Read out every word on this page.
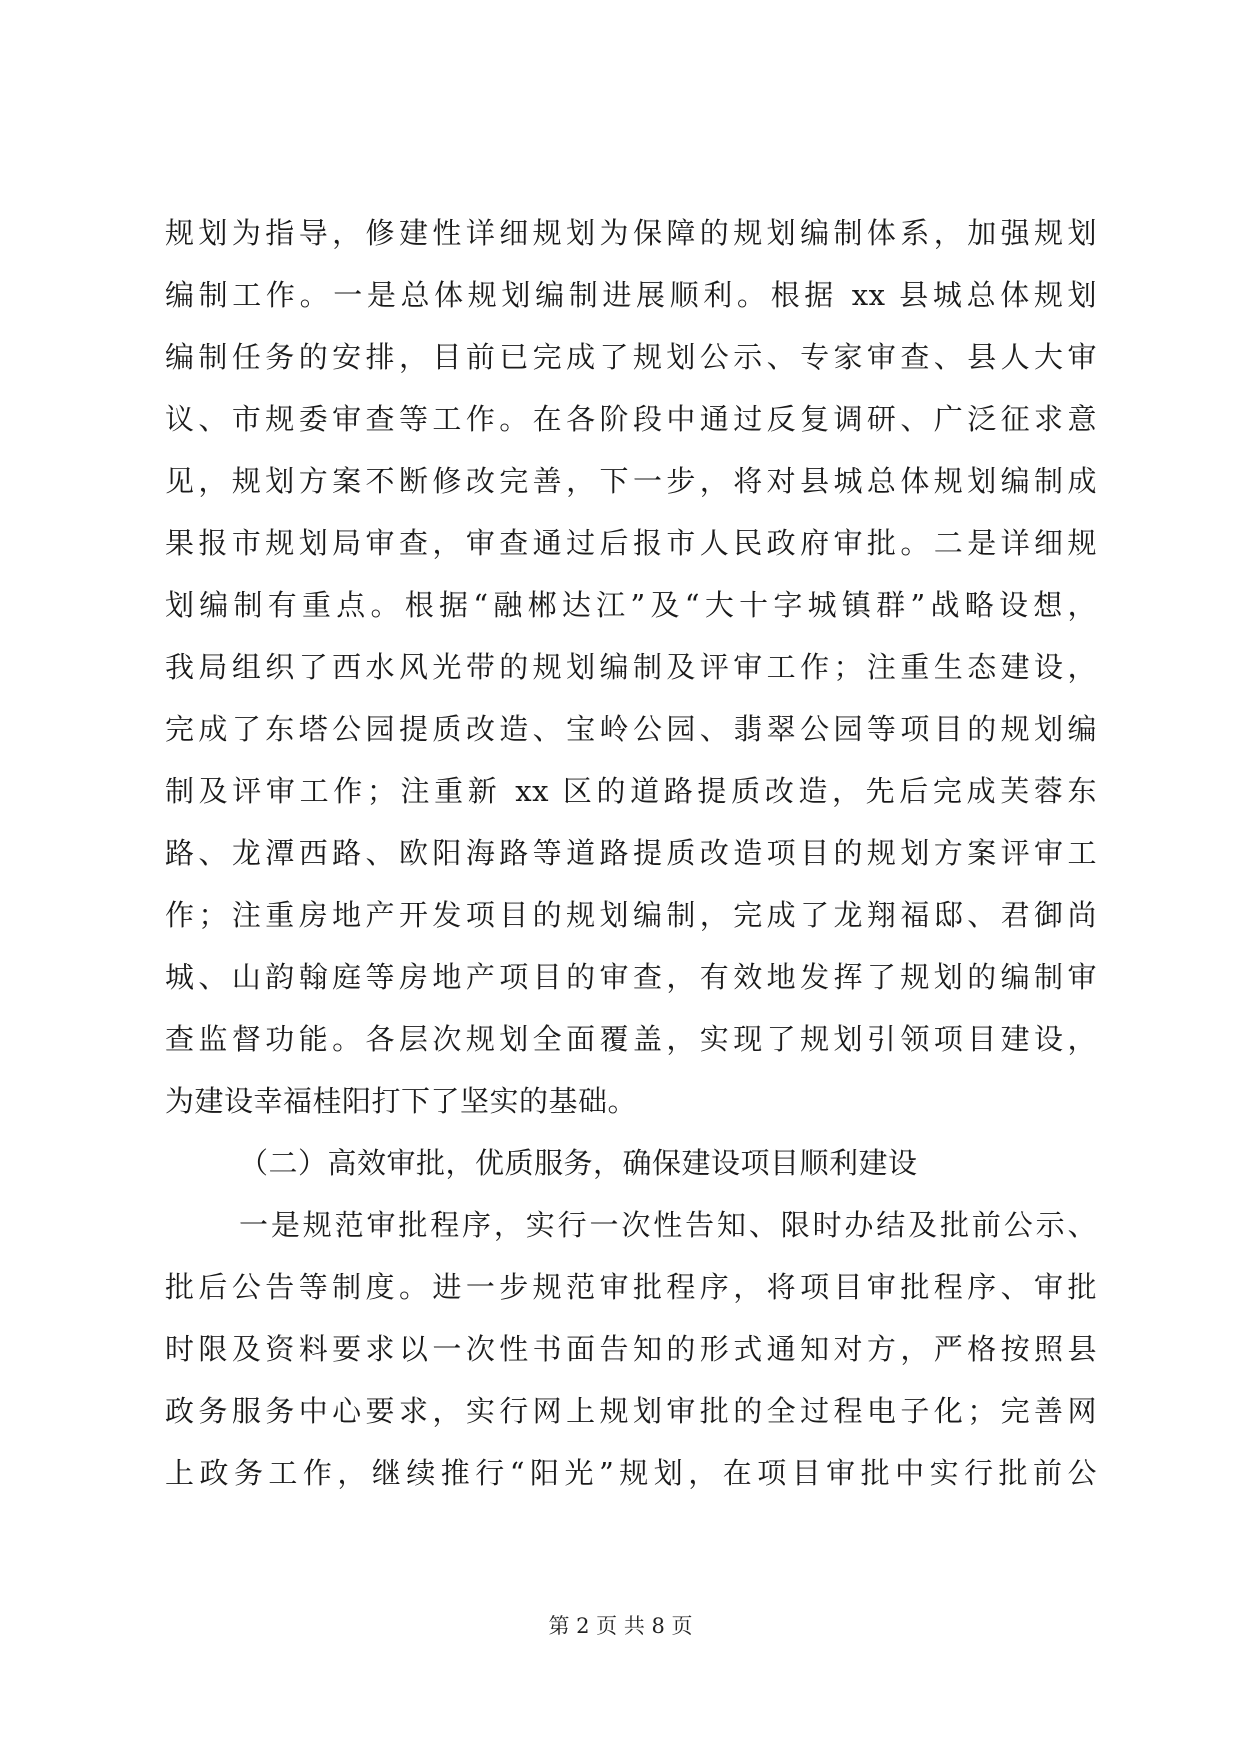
规划为指导，修建性详细规划为保障的规划编制体系，加强规划
编制工作。一是总体规划编制进展顺利。根据 xx 县城总体规划
编制任务的安排，目前已完成了规划公示、专家审查、县人大审
议、市规委审查等工作。在各阶段中通过反复调研、广泛征求意
见，规划方案不断修改完善，下一步，将对县城总体规划编制成
果报市规划局审查，审查通过后报市人民政府审批。二是详细规
划编制有重点。根据“融郴达江”及“大十字城镇群”战略设想，
我局组织了西水风光带的规划编制及评审工作；注重生态建设，
完成了东塔公园提质改造、宝岭公园、翡翠公园等项目的规划编
制及评审工作；注重新 xx 区的道路提质改造，先后完成芙蓉东
路、龙潭西路、欧阳海路等道路提质改造项目的规划方案评审工
作；注重房地产开发项目的规划编制，完成了龙翔福邸、君御尚
城、山韵翰庭等房地产项目的审查，有效地发挥了规划的编制审
查监督功能。各层次规划全面覆盖，实现了规划引领项目建设，
为建设幸福桂阳打下了坚实的基础。
（二）高效审批，优质服务，确保建设项目顺利建设
一是规范审批程序，实行一次性告知、限时办结及批前公示、
批后公告等制度。进一步规范审批程序，将项目审批程序、审批
时限及资料要求以一次性书面告知的形式通知对方，严格按照县
政务服务中心要求，实行网上规划审批的全过程电子化；完善网
上政务工作，继续推行“阳光”规划，在项目审批中实行批前公
第 2 页 共 8 页
